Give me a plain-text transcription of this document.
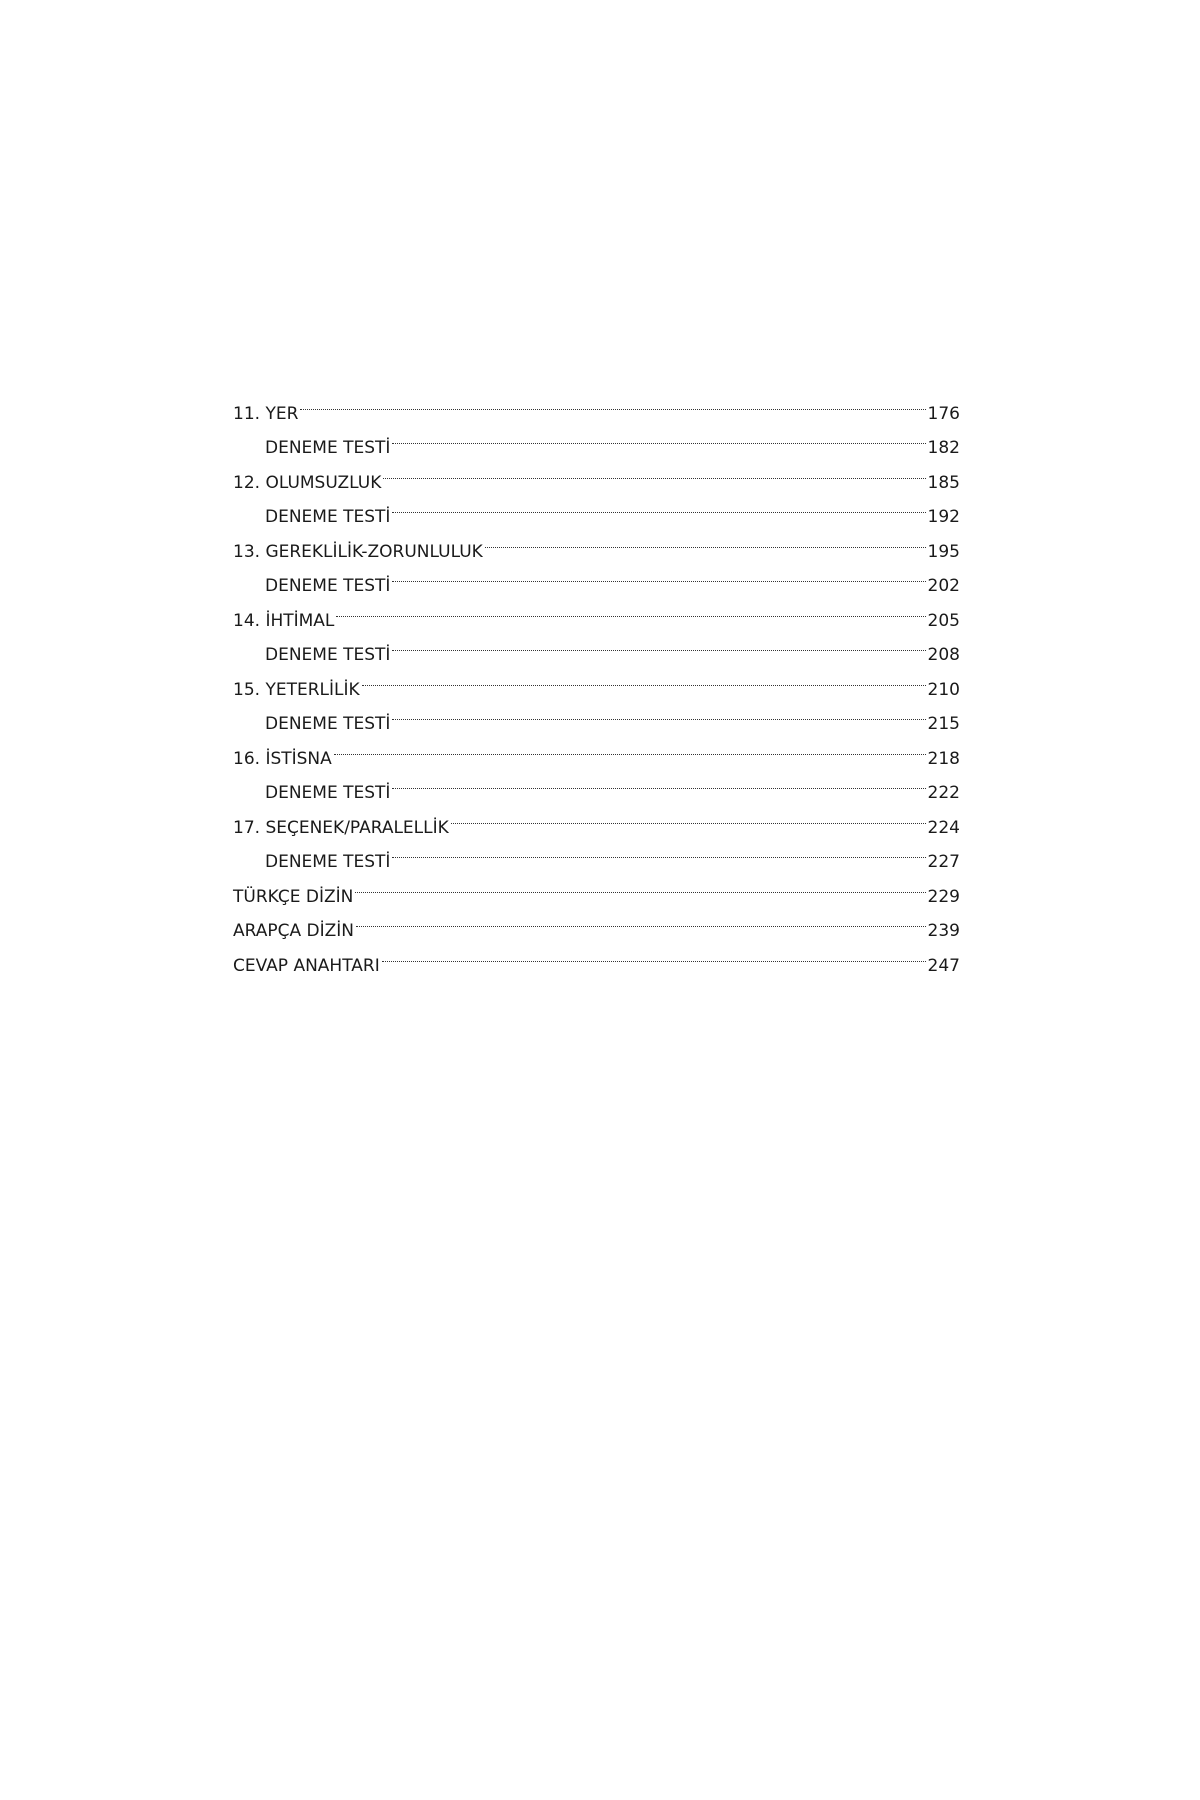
11. YER	176
DENEME TESTİ	182
12. OLUMSUZLUK	185
DENEME TESTİ	192
13. GEREKLİLİK-ZORUNLULUK	195
DENEME TESTİ	202
14. İHTİMAL	205
DENEME TESTİ	208
15. YETERLİLİK	210
DENEME TESTİ	215
16. İSTİSNA	218
DENEME TESTİ	222
17. SEÇENEK/PARALELLİK	224
DENEME TESTİ	227
TÜRKÇE DİZİN	229
ARAPÇA DİZİN	239
CEVAP ANAHTARI	247
